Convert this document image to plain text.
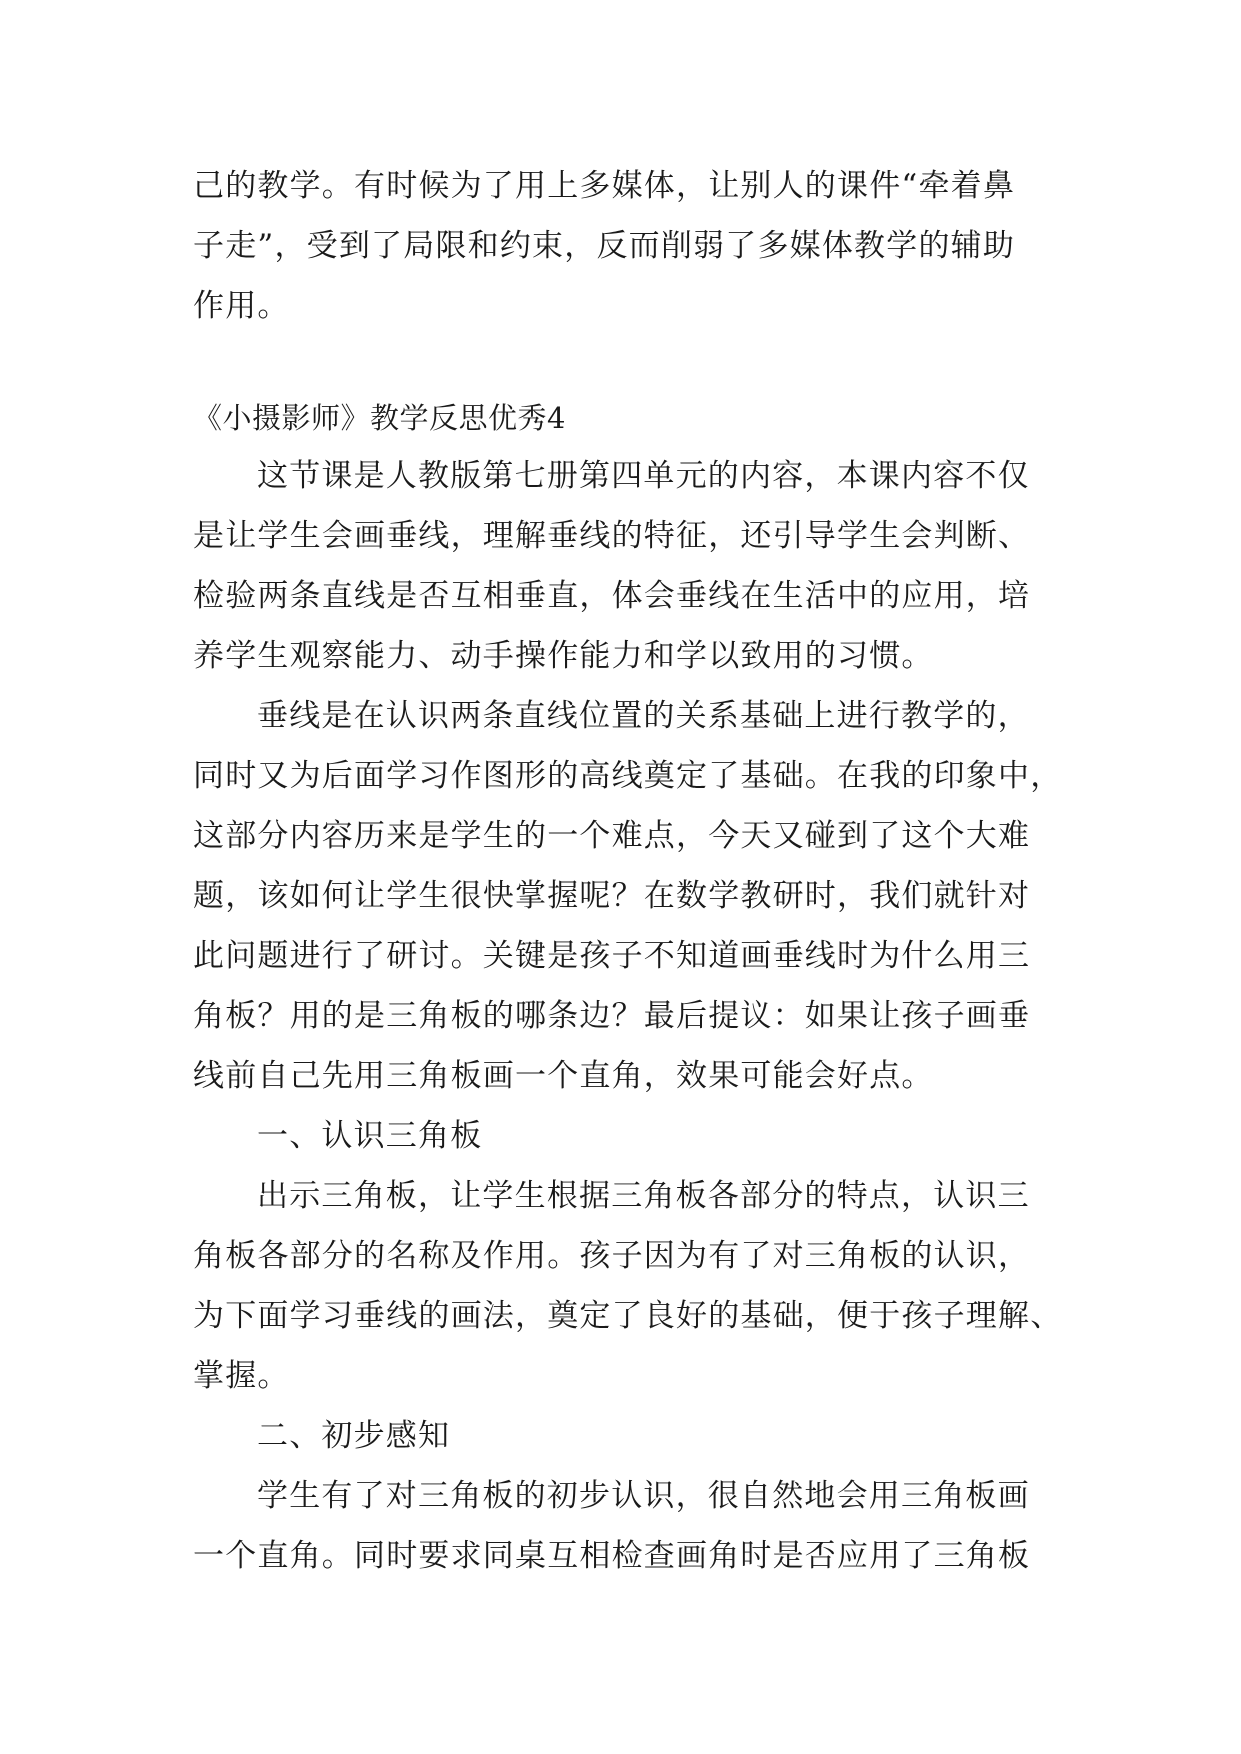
己的教学。有时候为了用上多媒体，让别人的课件“牵着鼻
子走”，受到了局限和约束，反而削弱了多媒体教学的辅助
作用。
《小摄影师》教学反思优秀4
这节课是人教版第七册第四单元的内容，本课内容不仅
是让学生会画垂线，理解垂线的特征，还引导学生会判断、
检验两条直线是否互相垂直，体会垂线在生活中的应用，培
养学生观察能力、动手操作能力和学以致用的习惯。
垂线是在认识两条直线位置的关系基础上进行教学的，
同时又为后面学习作图形的高线奠定了基础。在我的印象中，
这部分内容历来是学生的一个难点，今天又碰到了这个大难
题，该如何让学生很快掌握呢？在数学教研时，我们就针对
此问题进行了研讨。关键是孩子不知道画垂线时为什么用三
角板？用的是三角板的哪条边？最后提议：如果让孩子画垂
线前自己先用三角板画一个直角，效果可能会好点。
一、认识三角板
出示三角板，让学生根据三角板各部分的特点，认识三
角板各部分的名称及作用。孩子因为有了对三角板的认识，
为下面学习垂线的画法，奠定了良好的基础，便于孩子理解、
掌握。
二、初步感知
学生有了对三角板的初步认识，很自然地会用三角板画
一个直角。同时要求同桌互相检查画角时是否应用了三角板
